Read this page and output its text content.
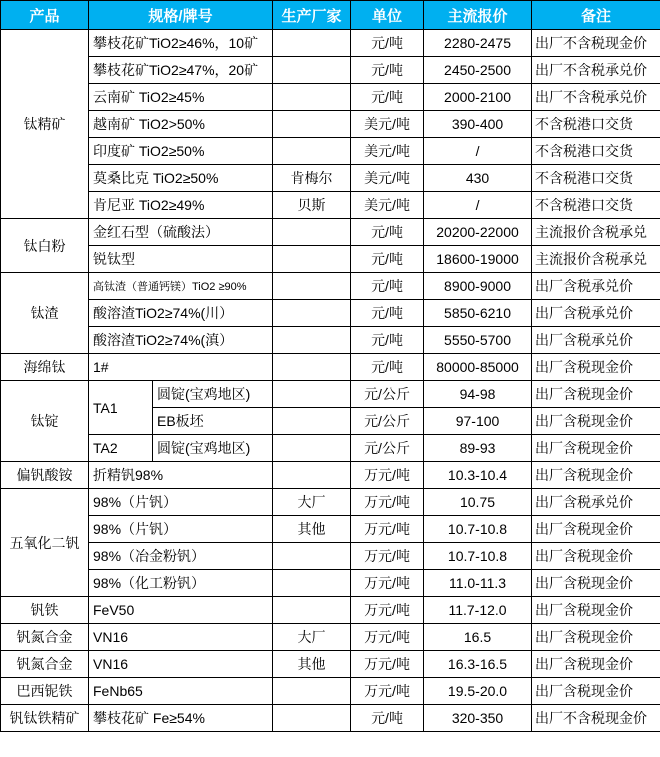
产品	规格/牌号		生产厂家	单位	主流报价	备注
钛精矿	攀枝花矿TiO2≥46%，10矿			元/吨	2280-2475	出厂不含税现金价
	攀枝花矿TiO2≥47%，20矿			元/吨	2450-2500	出厂不含税承兑价
	云南矿 TiO2≥45%			元/吨	2000-2100	出厂不含税承兑价
	越南矿 TiO2>50%			美元/吨	390-400	不含税港口交货
	印度矿 TiO2≥50%			美元/吨	/	不含税港口交货
	莫桑比克 TiO2≥50%		肯梅尔	美元/吨	430	不含税港口交货
	肯尼亚 TiO2≥49%		贝斯	美元/吨	/	不含税港口交货
钛白粉	金红石型（硫酸法）			元/吨	20200-22000	主流报价含税承兑
	锐钛型			元/吨	18600-19000	主流报价含税承兑
钛渣	高钛渣（普通钙镁）TiO2 ≥90%			元/吨	8900-9000	出厂含税承兑价
	酸溶渣TiO2≥74%(川）			元/吨	5850-6210	出厂含税承兑价
	酸溶渣TiO2≥74%(滇）			元/吨	5550-5700	出厂含税承兑价
海绵钛	1#			元/吨	80000-85000	出厂含税现金价
钛锭	TA1	圆锭(宝鸡地区)		元/公斤	94-98	出厂含税现金价
		EB板坯		元/公斤	97-100	出厂含税现金价
	TA2	圆锭(宝鸡地区)		元/公斤	89-93	出厂含税现金价
偏钒酸铵	折精钒98%			万元/吨	10.3-10.4	出厂含税现金价
五氧化二钒	98%（片钒）		大厂	万元/吨	10.75	出厂含税承兑价
	98%（片钒）		其他	万元/吨	10.7-10.8	出厂含税现金价
	98%（冶金粉钒）			万元/吨	10.7-10.8	出厂含税现金价
	98%（化工粉钒）			万元/吨	11.0-11.3	出厂含税现金价
钒铁	FeV50			万元/吨	11.7-12.0	出厂含税现金价
钒氮合金	VN16		大厂	万元/吨	16.5	出厂含税现金价
钒氮合金	VN16		其他	万元/吨	16.3-16.5	出厂含税现金价
巴西铌铁	FeNb65			万元/吨	19.5-20.0	出厂含税现金价
钒钛铁精矿	攀枝花矿 Fe≥54%			元/吨	320-350	出厂不含税现金价
